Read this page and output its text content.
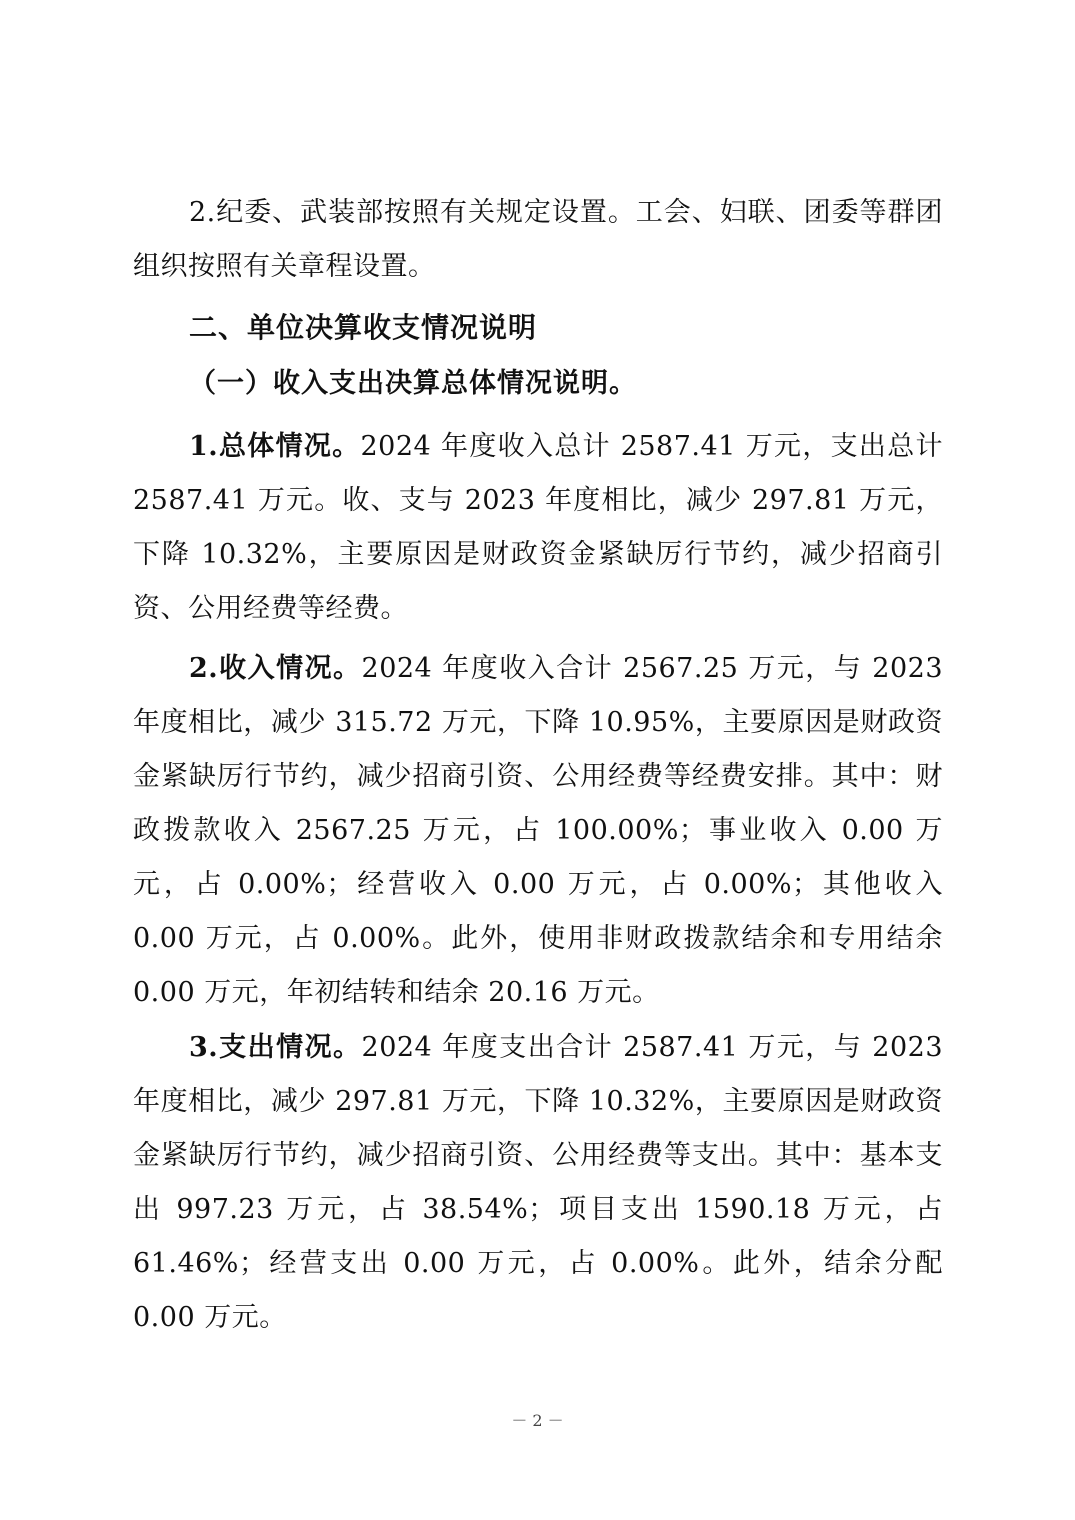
2.纪委、武装部按照有关规定设置。工会、妇联、团委等群团组织按照有关章程设置。

二、单位决算收支情况说明
（一）收入支出决算总体情况说明。

1.总体情况。2024 年度收入总计 2587.41 万元，支出总计 2587.41 万元。收、支与 2023 年度相比，减少 297.81 万元，下降 10.32%，主要原因是财政资金紧缺厉行节约，减少招商引资、公用经费等经费。

2.收入情况。2024 年度收入合计 2567.25 万元，与 2023 年度相比，减少 315.72 万元，下降 10.95%，主要原因是财政资金紧缺厉行节约，减少招商引资、公用经费等经费安排。其中：财政拨款收入 2567.25 万元，占 100.00%；事业收入 0.00 万元，占 0.00%；经营收入 0.00 万元，占 0.00%；其他收入 0.00 万元，占 0.00%。此外，使用非财政拨款结余和专用结余 0.00 万元，年初结转和结余 20.16 万元。

3.支出情况。2024 年度支出合计 2587.41 万元，与 2023 年度相比，减少 297.81 万元，下降 10.32%，主要原因是财政资金紧缺厉行节约，减少招商引资、公用经费等支出。其中：基本支出 997.23 万元，占 38.54%；项目支出 1590.18 万元，占 61.46%；经营支出 0.00 万元，占 0.00%。此外，结余分配 0.00 万元。

－ 2 －
